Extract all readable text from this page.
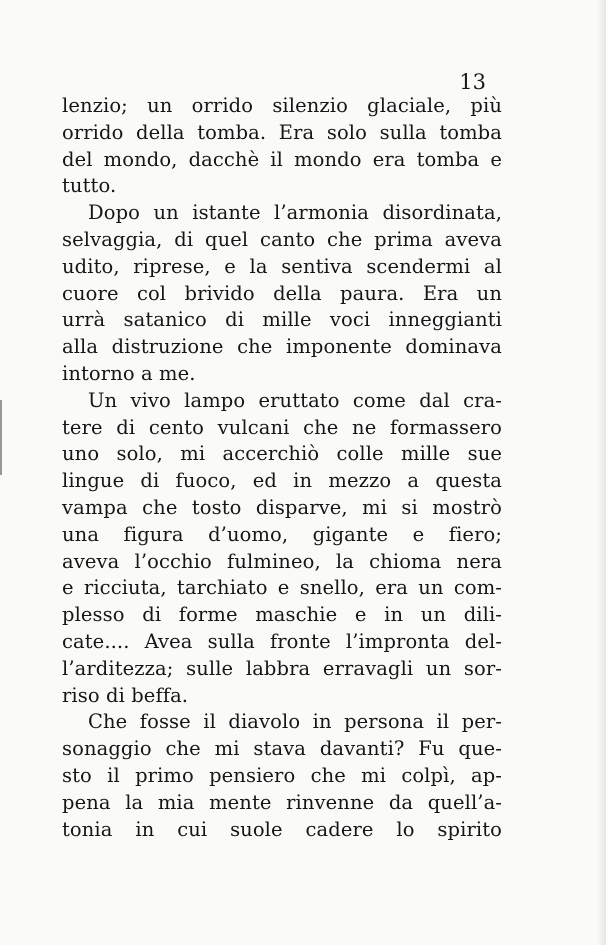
13
lenzio; un orrido silenzio glaciale, più
orrido della tomba. Era solo sulla tomba
del mondo, dacchè il mondo era tomba e
tutto.
Dopo un istante l’armonia disordinata,
selvaggia, di quel canto che prima aveva
udito, riprese, e la sentiva scendermi al
cuore col brivido della paura. Era un
urrà satanico di mille voci inneggianti
alla distruzione che imponente dominava
intorno a me.
Un vivo lampo eruttato come dal cra-
tere di cento vulcani che ne formassero
uno solo, mi accerchiò colle mille sue
lingue di fuoco, ed in mezzo a questa
vampa che tosto disparve, mi si mostrò
una figura d’uomo, gigante e fiero;
aveva l’occhio fulmineo, la chioma nera
e ricciuta, tarchiato e snello, era un com-
plesso di forme maschie e in un dili-
cate.... Avea sulla fronte l’impronta del-
l’arditezza; sulle labbra erravagli un sor-
riso di beffa.
Che fosse il diavolo in persona il per-
sonaggio che mi stava davanti? Fu que-
sto il primo pensiero che mi colpì, ap-
pena la mia mente rinvenne da quell’a-
tonia in cui suole cadere lo spirito
